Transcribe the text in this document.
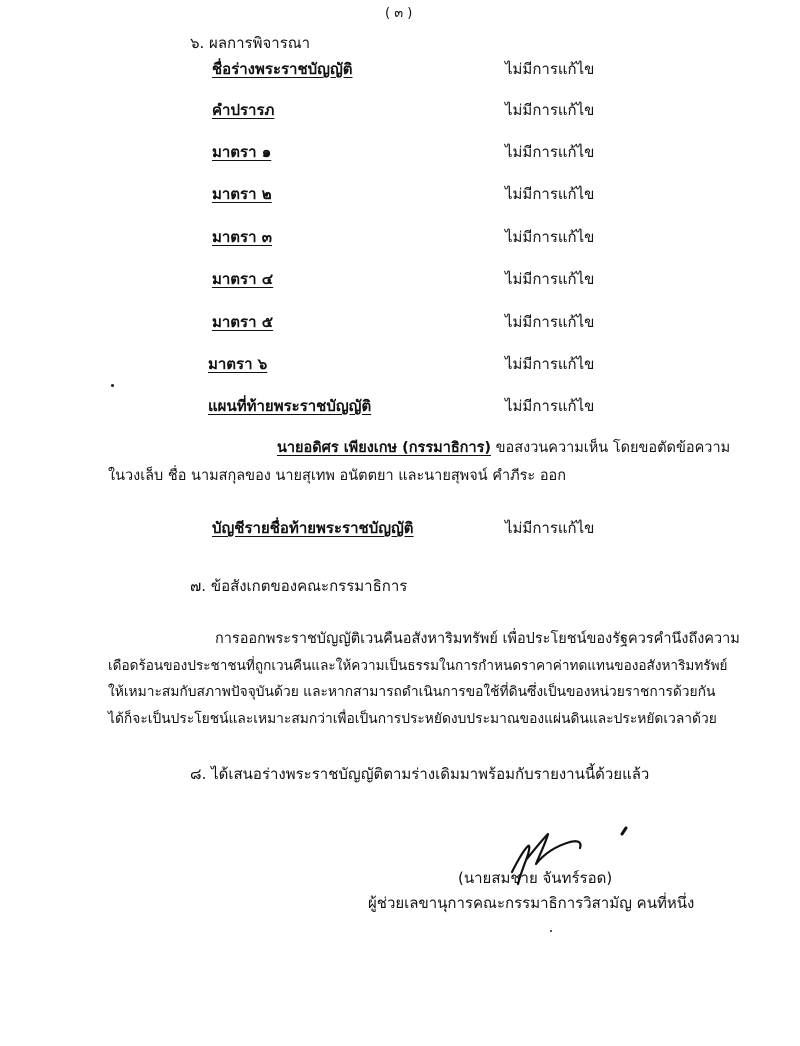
( ๓ )
๖. ผลการพิจารณา
ชื่อร่างพระราชบัญญัติ	ไม่มีการแก้ไข
คำปรารภ	ไม่มีการแก้ไข
มาตรา ๑	ไม่มีการแก้ไข
มาตรา ๒	ไม่มีการแก้ไข
มาตรา ๓	ไม่มีการแก้ไข
มาตรา ๔	ไม่มีการแก้ไข
มาตรา ๕	ไม่มีการแก้ไข
มาตรา ๖	ไม่มีการแก้ไข
แผนที่ท้ายพระราชบัญญัติ	ไม่มีการแก้ไข
นายอดิศร เพียงเกษ (กรรมาธิการ) ขอสงวนความเห็น โดยขอตัดข้อความ
ในวงเล็บ ชื่อ นามสกุลของ นายสุเทพ อนัตตยา และนายสุพจน์ คำภีระ ออก
บัญชีรายชื่อท้ายพระราชบัญญัติ	ไม่มีการแก้ไข
๗. ข้อสังเกตของคณะกรรมาธิการ
การออกพระราชบัญญัติเวนคืนอสังหาริมทรัพย์ เพื่อประโยชน์ของรัฐควรคำนึงถึงความ
เดือดร้อนของประชาชนที่ถูกเวนคืนและให้ความเป็นธรรมในการกำหนดราคาค่าทดแทนของอสังหาริมทรัพย์
ให้เหมาะสมกับสภาพปัจจุบันด้วย และหากสามารถดำเนินการขอใช้ที่ดินซึ่งเป็นของหน่วยราชการด้วยกัน
ได้ก็จะเป็นประโยชน์และเหมาะสมกว่าเพื่อเป็นการประหยัดงบประมาณของแผ่นดินและประหยัดเวลาด้วย
๘. ได้เสนอร่างพระราชบัญญัติตามร่างเดิมมาพร้อมกับรายงานนี้ด้วยแล้ว
(นายสมชาย จันทร์รอด)
ผู้ช่วยเลขานุการคณะกรรมาธิการวิสามัญ คนที่หนึ่ง
